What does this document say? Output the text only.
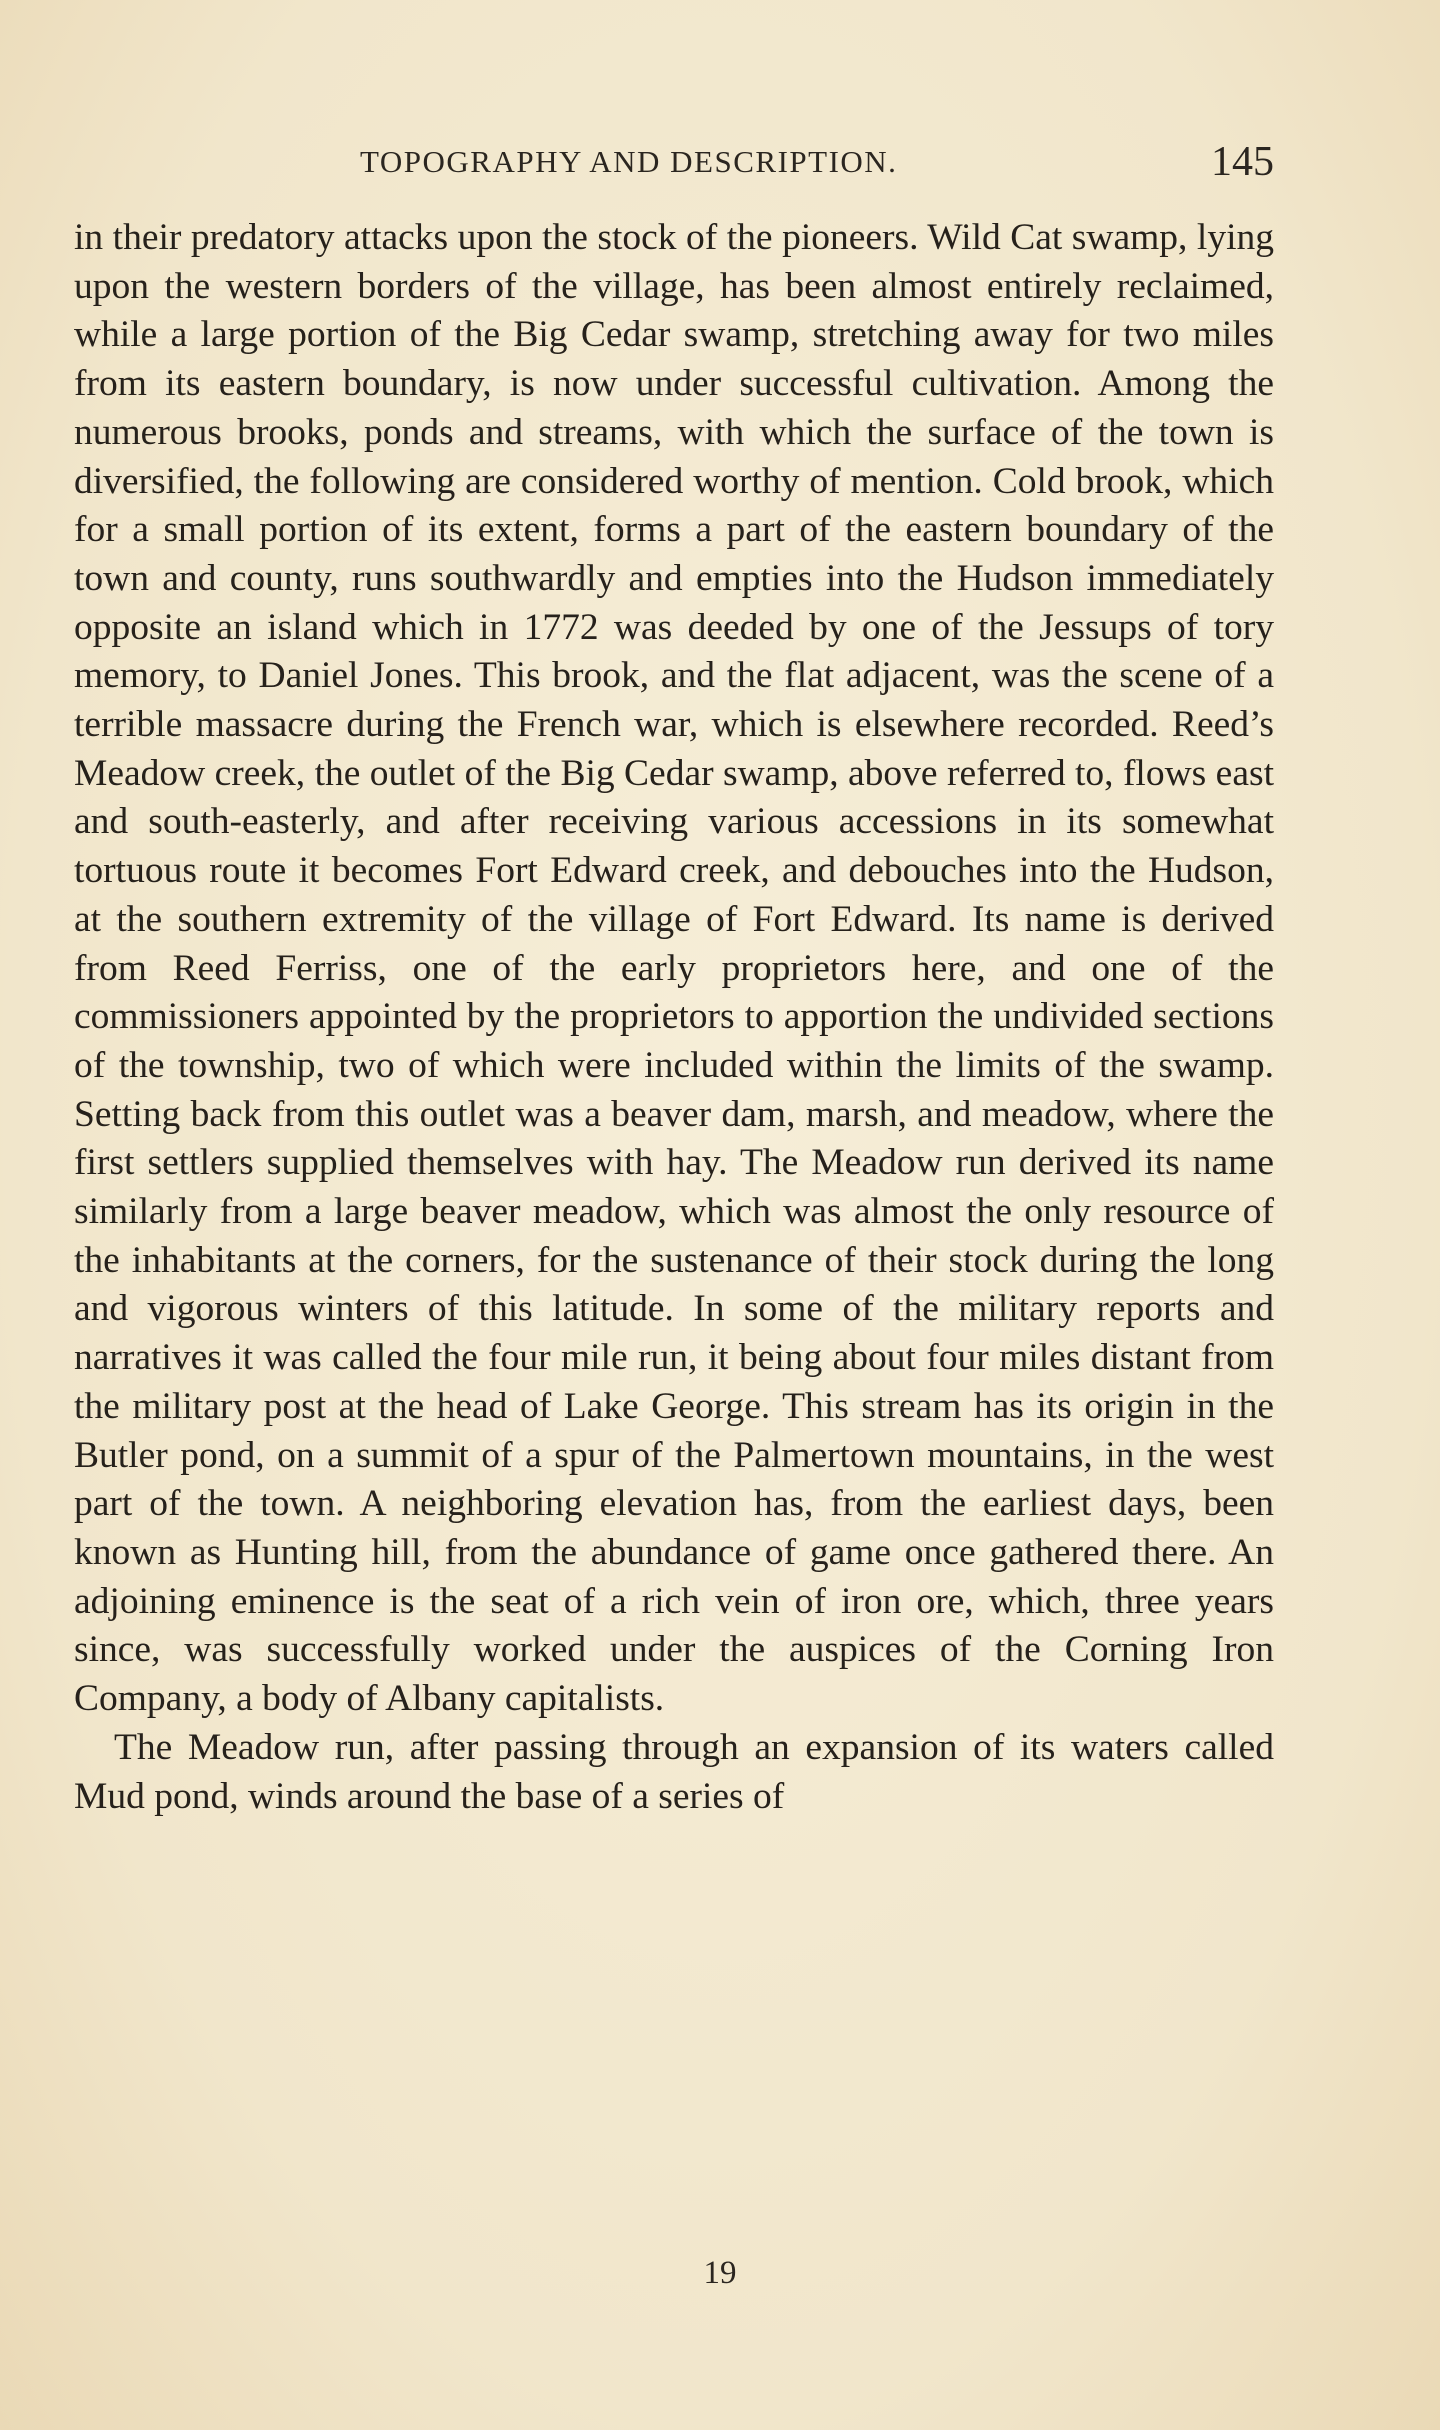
TOPOGRAPHY AND DESCRIPTION.	145

in their predatory attacks upon the stock of the pioneers. Wild Cat swamp, lying upon the western borders of the village, has been almost entirely reclaimed, while a large portion of the Big Cedar swamp, stretching away for two miles from its eastern boundary, is now under successful cultivation. Among the numerous brooks, ponds and streams, with which the surface of the town is diversified, the following are considered worthy of mention. Cold brook, which for a small portion of its extent, forms a part of the eastern boundary of the town and county, runs southwardly and empties into the Hudson immediately opposite an island which in 1772 was deeded by one of the Jessups of tory memory, to Daniel Jones. This brook, and the flat adjacent, was the scene of a terrible massacre during the French war, which is elsewhere recorded. Reed’s Meadow creek, the outlet of the Big Cedar swamp, above referred to, flows east and south-easterly, and after receiving various accessions in its somewhat tortuous route it becomes Fort Edward creek, and debouches into the Hudson, at the southern extremity of the village of Fort Edward. Its name is derived from Reed Ferriss, one of the early proprietors here, and one of the commissioners appointed by the proprietors to apportion the undivided sections of the township, two of which were included within the limits of the swamp. Setting back from this outlet was a beaver dam, marsh, and meadow, where the first settlers supplied themselves with hay. The Meadow run derived its name similarly from a large beaver meadow, which was almost the only resource of the inhabitants at the corners, for the sustenance of their stock during the long and vigorous winters of this latitude. In some of the military reports and narratives it was called the four mile run, it being about four miles distant from the military post at the head of Lake George. This stream has its origin in the Butler pond, on a summit of a spur of the Palmertown mountains, in the west part of the town. A neighboring elevation has, from the earliest days, been known as Hunting hill, from the abundance of game once gathered there. An adjoining eminence is the seat of a rich vein of iron ore, which, three years since, was successfully worked under the auspices of the Corning Iron Company, a body of Albany capitalists.

The Meadow run, after passing through an expansion of its waters called Mud pond, winds around the base of a series of

19
